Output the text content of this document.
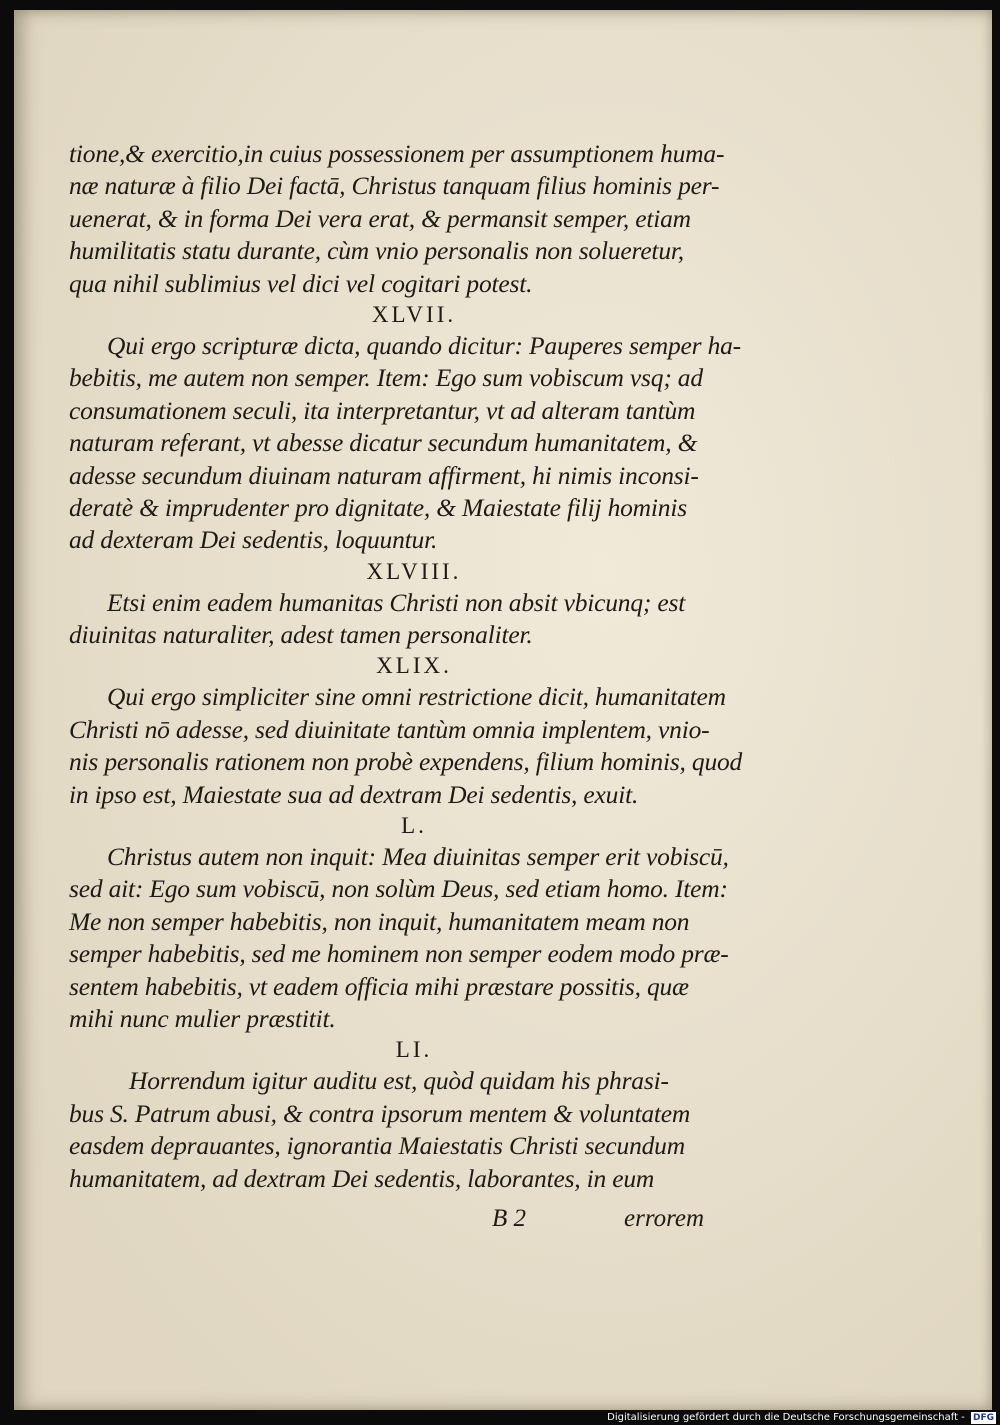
tione,& exercitio,in cuius possessionem per assumptionem huma-
næ naturæ à filio Dei factā, Christus tanquam filius hominis per-
uenerat, & in forma Dei vera erat, & permansit semper, etiam
humilitatis statu durante, cùm vnio personalis non solueretur,
qua nihil sublimius vel dici vel cogitari potest.
XLVII.
Qui ergo scripturæ dicta, quando dicitur: Pauperes semper ha-
bebitis, me autem non semper. Item: Ego sum vobiscum vsq; ad
consumationem seculi, ita interpretantur, vt ad alteram tantùm
naturam referant, vt abesse dicatur secundum humanitatem, &
adesse secundum diuinam naturam affirment, hi nimis inconsi-
deratè & imprudenter pro dignitate, & Maiestate filij hominis
ad dexteram Dei sedentis, loquuntur.
XLVIII.
Etsi enim eadem humanitas Christi non absit vbicunq; est
diuinitas naturaliter, adest tamen personaliter.
XLIX.
Qui ergo simpliciter sine omni restrictione dicit, humanitatem
Christi nō adesse, sed diuinitate tantùm omnia implentem, vnio-
nis personalis rationem non probè expendens, filium hominis, quod
in ipso est, Maiestate sua ad dextram Dei sedentis, exuit.
L.
Christus autem non inquit: Mea diuinitas semper erit vobiscū,
sed ait: Ego sum vobiscū, non solùm Deus, sed etiam homo. Item:
Me non semper habebitis, non inquit, humanitatem meam non
semper habebitis, sed me hominem non semper eodem modo præ-
sentem habebitis, vt eadem officia mihi præstare possitis, quæ
mihi nunc mulier præstitit.
LI.
Horrendum igitur auditu est, quòd quidam his phrasi-
bus S. Patrum abusi, & contra ipsorum mentem & voluntatem
easdem deprauantes, ignorantia Maiestatis Christi secundum
humanitatem, ad dextram Dei sedentis, laborantes, in eum
B 2	errorem
Digitalisierung gefördert durch die Deutsche Forschungsgemeinschaft - DFG
